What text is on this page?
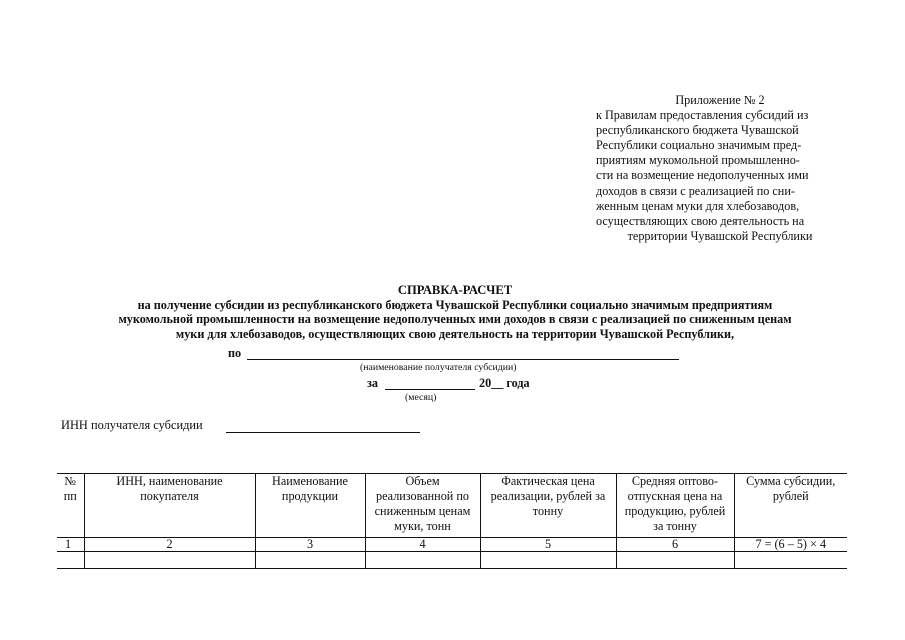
Приложение № 2
к Правилам предоставления субсидий из
республиканского бюджета Чувашской
Республики социально значимым пред-
приятиям мукомольной промышленно-
сти на возмещение недополученных ими
доходов в связи с реализацией по сни-
женным ценам муки для хлебозаводов,
осуществляющих свою деятельность на
территории Чувашской Республики
СПРАВКА-РАСЧЕТ
на получение субсидии из республиканского бюджета Чувашской Республики социально значимым предприятиям
мукомольной промышленности на возмещение недополученных ими доходов в связи с реализацией по сниженным ценам
муки для хлебозаводов, осуществляющих свою деятельность на территории Чувашской Республики,
по
(наименование получателя субсидии)
за	20__ года
(месяц)
ИНН получателя субсидии
№ пп	ИНН, наименование покупателя	Наименование продукции	Объем реализованной по сниженным ценам муки, тонн	Фактическая цена реализации, рублей за тонну	Средняя оптово-отпускная цена на продукцию, рублей за тонну	Сумма субсидии, рублей
1	2	3	4	5	6	7 = (6 – 5) × 4
